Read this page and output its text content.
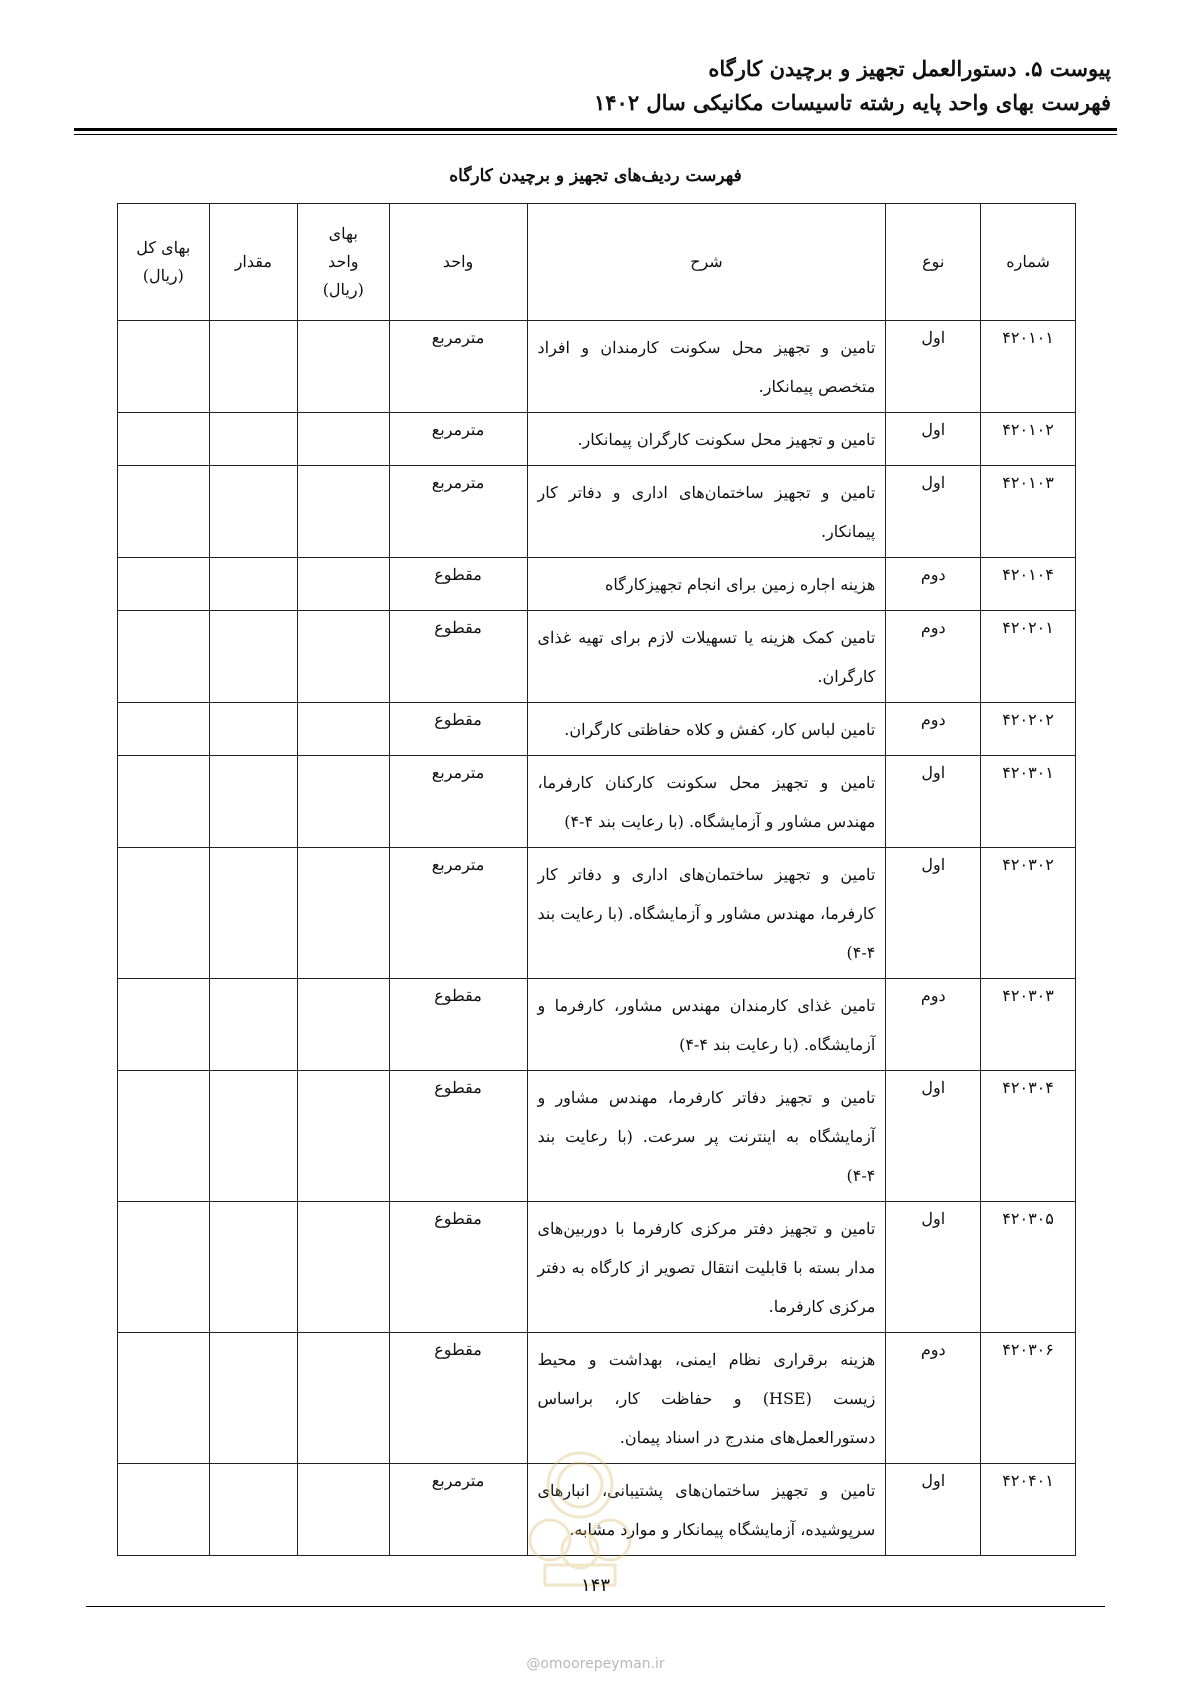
پیوست ۵. دستورالعمل تجهیز و برچیدن کارگاه
فهرست بهای واحد پایه رشته تاسیسات مکانیکی سال ۱۴۰۲
فهرست ردیف‌های تجهیز و برچیدن کارگاه
شماره	نوع	شرح	واحد	بهای واحد (ریال)	مقدار	بهای کل (ریال)
۴۲۰۱۰۱	اول	تامین و تجهیز محل سکونت کارمندان و افراد متخصص پیمانکار.	مترمربع			
۴۲۰۱۰۲	اول	تامین و تجهیز محل سکونت کارگران پیمانکار.	مترمربع			
۴۲۰۱۰۳	اول	تامین و تجهیز ساختمان‌های اداری و دفاتر کار پیمانکار.	مترمربع			
۴۲۰۱۰۴	دوم	هزینه اجاره زمین برای انجام تجهیزکارگاه	مقطوع			
۴۲۰۲۰۱	دوم	تامین کمک هزینه یا تسهیلات لازم برای تهیه غذای کارگران.	مقطوع			
۴۲۰۲۰۲	دوم	تامین لباس کار، کفش و کلاه حفاظتی کارگران.	مقطوع			
۴۲۰۳۰۱	اول	تامین و تجهیز محل سکونت کارکنان کارفرما، مهندس مشاور و آزمایشگاه. (با رعایت بند ۴-۴)	مترمربع			
۴۲۰۳۰۲	اول	تامین و تجهیز ساختمان‌های اداری و دفاتر کار کارفرما، مهندس مشاور و آزمایشگاه. (با رعایت بند ۴-۴)	مترمربع			
۴۲۰۳۰۳	دوم	تامین غذای کارمندان مهندس مشاور، کارفرما و آزمایشگاه. (با رعایت بند ۴-۴)	مقطوع			
۴۲۰۳۰۴	اول	تامین و تجهیز دفاتر کارفرما، مهندس مشاور و آزمایشگاه به اینترنت پر سرعت. (با رعایت بند ۴-۴)	مقطوع			
۴۲۰۳۰۵	اول	تامین و تجهیز دفتر مرکزی کارفرما با دوربین‌های مدار بسته با قابلیت انتقال تصویر از کارگاه به دفتر مرکزی کارفرما.	مقطوع			
۴۲۰۳۰۶	دوم	هزینه برقراری نظام ایمنی، بهداشت و محیط زیست (HSE) و حفاظت کار، براساس دستورالعمل‌های مندرج در اسناد پیمان.	مقطوع			
۴۲۰۴۰۱	اول	تامین و تجهیز ساختمان‌های پشتیبانی، انبارهای سرپوشیده، آزمایشگاه پیمانکار و موارد مشابه.	مترمربع			
۱۴۳
@omoorepeyman.ir
